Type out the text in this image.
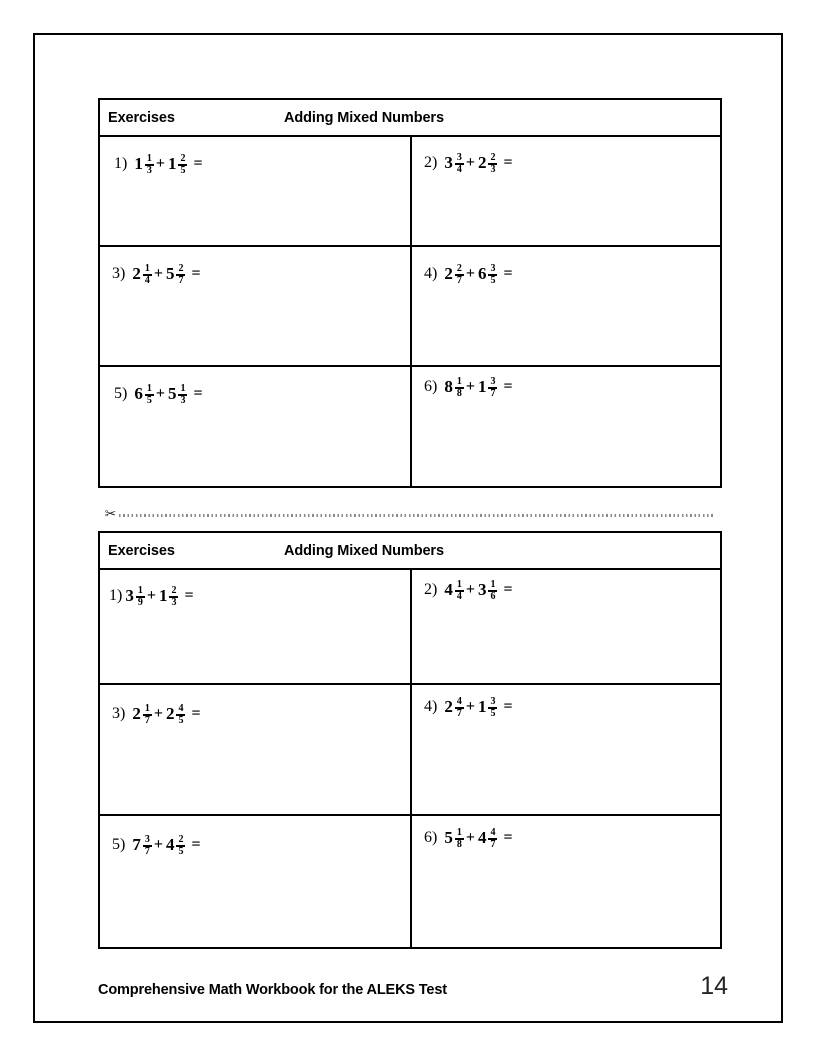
Exercises	Adding Mixed Numbers
1) $1 \frac{1}{3} + 1 \frac{2}{5}$ =	2) $3 \frac{3}{4} + 2 \frac{2}{3}$ =
3) $2 \frac{1}{4} + 5 \frac{2}{7}$ =	4) $2 \frac{2}{7} + 6 \frac{3}{5}$ =
5) $6 \frac{1}{5} + 5 \frac{1}{3}$ =	6) $8 \frac{1}{8} + 1 \frac{3}{7}$ =
✂
Exercises	Adding Mixed Numbers
1) $3 \frac{1}{9} + 1 \frac{2}{3}$ =	2) $4 \frac{1}{4} + 3 \frac{1}{6}$ =
3) $2 \frac{1}{7} + 2 \frac{4}{5}$ =	4) $2 \frac{4}{7} + 1 \frac{3}{5}$ =
5) $7 \frac{3}{7} + 4 \frac{2}{5}$ =	6) $5 \frac{1}{8} + 4 \frac{4}{7}$ =
Comprehensive Math Workbook for the ALEKS Test	14
